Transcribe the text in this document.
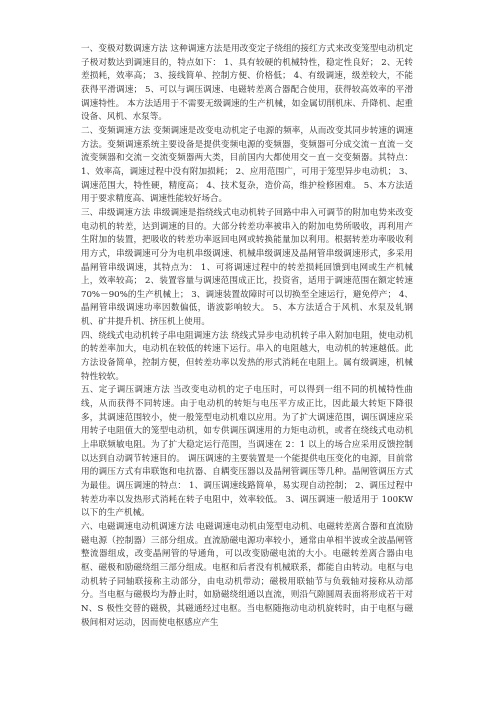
一、变极对数调速方法 这种调速方法是用改变定子绕组的接红方式来改变笼型电动机定子极对数达到调速目的，特点如下： 1、具有较硬的机械特性，稳定性良好； 2、无转差损耗，效率高； 3、接线简单、控制方便、价格低； 4、有级调速，级差较大，不能获得平滑调速； 5、可以与调压调速、电磁转差离合器配合使用，获得较高效率的平滑调速特性。 本方法适用于不需要无级调速的生产机械，如金属切削机床、升降机、起重设备、风机、水泵等。

二、变频调速方法 变频调速是改变电动机定子电源的频率，从而改变其同步转速的调速方法。变频调速系统主要设备是提供变频电源的变频器，变频器可分成交流－直流－交流变频器和交流－交流变频器两大类，目前国内大都使用交－直－交变频器。其特点： 1、效率高，调速过程中没有附加损耗； 2、应用范围广，可用于笼型异步电动机； 3、调速范围大，特性硬，精度高； 4、技术复杂，造价高，维护检修困难。 5、本方法适用于要求精度高、调速性能较好场合。

三、串级调速方法 串级调速是指绕线式电动机转子回路中串入可调节的附加电势来改变电动机的转差，达到调速的目的。大部分转差功率被串入的附加电势所吸收，再利用产生附加的装置，把吸收的转差功率返回电网或转换能量加以利用。根据转差功率吸收利用方式，串级调速可分为电机串级调速、机械串级调速及晶闸管串级调速形式，多采用晶闸管串级调速，其特点为： 1、可将调速过程中的转差损耗回馈到电网或生产机械上，效率较高； 2、装置容量与调速范围成正比，投资省，适用于调速范围在额定转速 70%－90%的生产机械上； 3、调速装置故障时可以切换至全速运行，避免停产； 4、晶闸管串级调速功率因数偏低，谐波影响较大。 5、本方法适合于风机、水泵及轧钢机、矿井提升机、挤压机上使用。

四、绕线式电动机转子串电阻调速方法 绕线式异步电动机转子串入附加电阻，使电动机的转差率加大，电动机在较低的转速下运行。串入的电阻越大，电动机的转速越低。此方法设备简单，控制方便，但转差功率以发热的形式消耗在电阻上。属有级调速，机械特性较软。

五、定子调压调速方法 当改变电动机的定子电压时，可以得到一组不同的机械特性曲线，从而获得不同转速。由于电动机的转矩与电压平方成正比，因此最大转矩下降很多，其调速范围较小，使一般笼型电动机难以应用。为了扩大调速范围，调压调速应采用转子电阻值大的笼型电动机，如专供调压调速用的力矩电动机，或者在绕线式电动机上串联频敏电阻。为了扩大稳定运行范围，当调速在 2：1 以上的场合应采用反馈控制以达到自动调节转速目的。 调压调速的主要装置是一个能提供电压变化的电源，目前常用的调压方式有串联饱和电抗器、自耦变压器以及晶闸管调压等几种。晶闸管调压方式为最佳。调压调速的特点： 1、调压调速线路简单，易实现自动控制； 2、调压过程中转差功率以发热形式消耗在转子电阻中，效率较低。 3、调压调速一般适用于 100KW 以下的生产机械。

六、电磁调速电动机调速方法 电磁调速电动机由笼型电动机、电磁转差离合器和直流励磁电源（控制器）三部分组成。直流励磁电源功率较小，通常由单相半波或全波晶闸管整流器组成，改变晶闸管的导通角，可以改变励磁电流的大小。电磁转差离合器由电枢、磁极和励磁绕组三部分组成。电枢和后者没有机械联系，都能自由转动。电枢与电动机转子同轴联接称主动部分，由电动机带动；磁极用联轴节与负载轴对接称从动部分。当电枢与磁极均为静止时，如励磁绕组通以直流，则沿气隙圆周表面将形成若干对 N、S 极性交替的磁极，其磁通经过电枢。当电枢随拖动电动机旋转时，由于电枢与磁极间相对运动，因而使电枢感应产生
